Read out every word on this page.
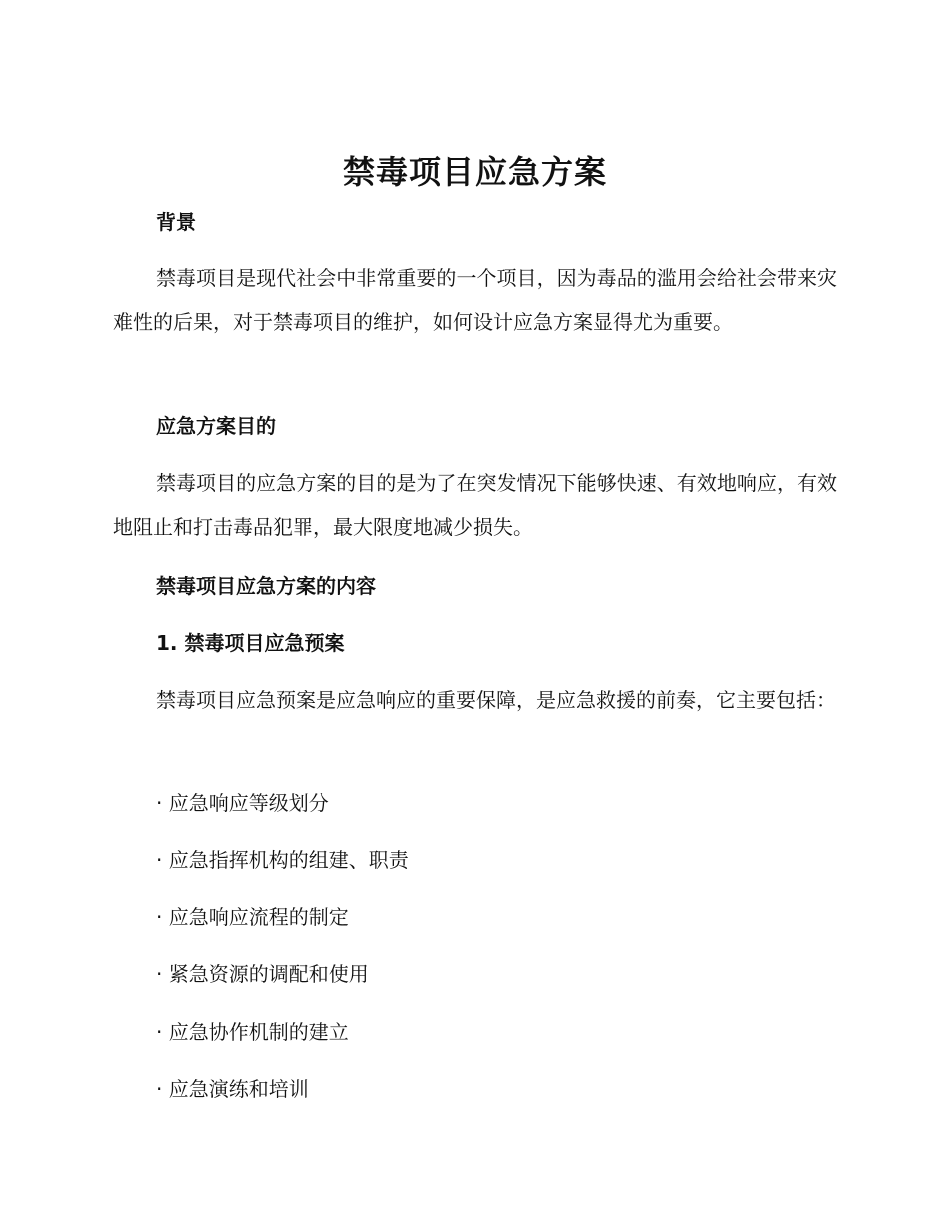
禁毒项目应急方案

背景

禁毒项目是现代社会中非常重要的一个项目，因为毒品的滥用会给社会带来灾难性的后果，对于禁毒项目的维护，如何设计应急方案显得尤为重要。

应急方案目的

禁毒项目的应急方案的目的是为了在突发情况下能够快速、有效地响应，有效地阻止和打击毒品犯罪，最大限度地减少损失。

禁毒项目应急方案的内容

1. 禁毒项目应急预案

禁毒项目应急预案是应急响应的重要保障，是应急救援的前奏，它主要包括：

· 应急响应等级划分

· 应急指挥机构的组建、职责

· 应急响应流程的制定

· 紧急资源的调配和使用

· 应急协作机制的建立

· 应急演练和培训
